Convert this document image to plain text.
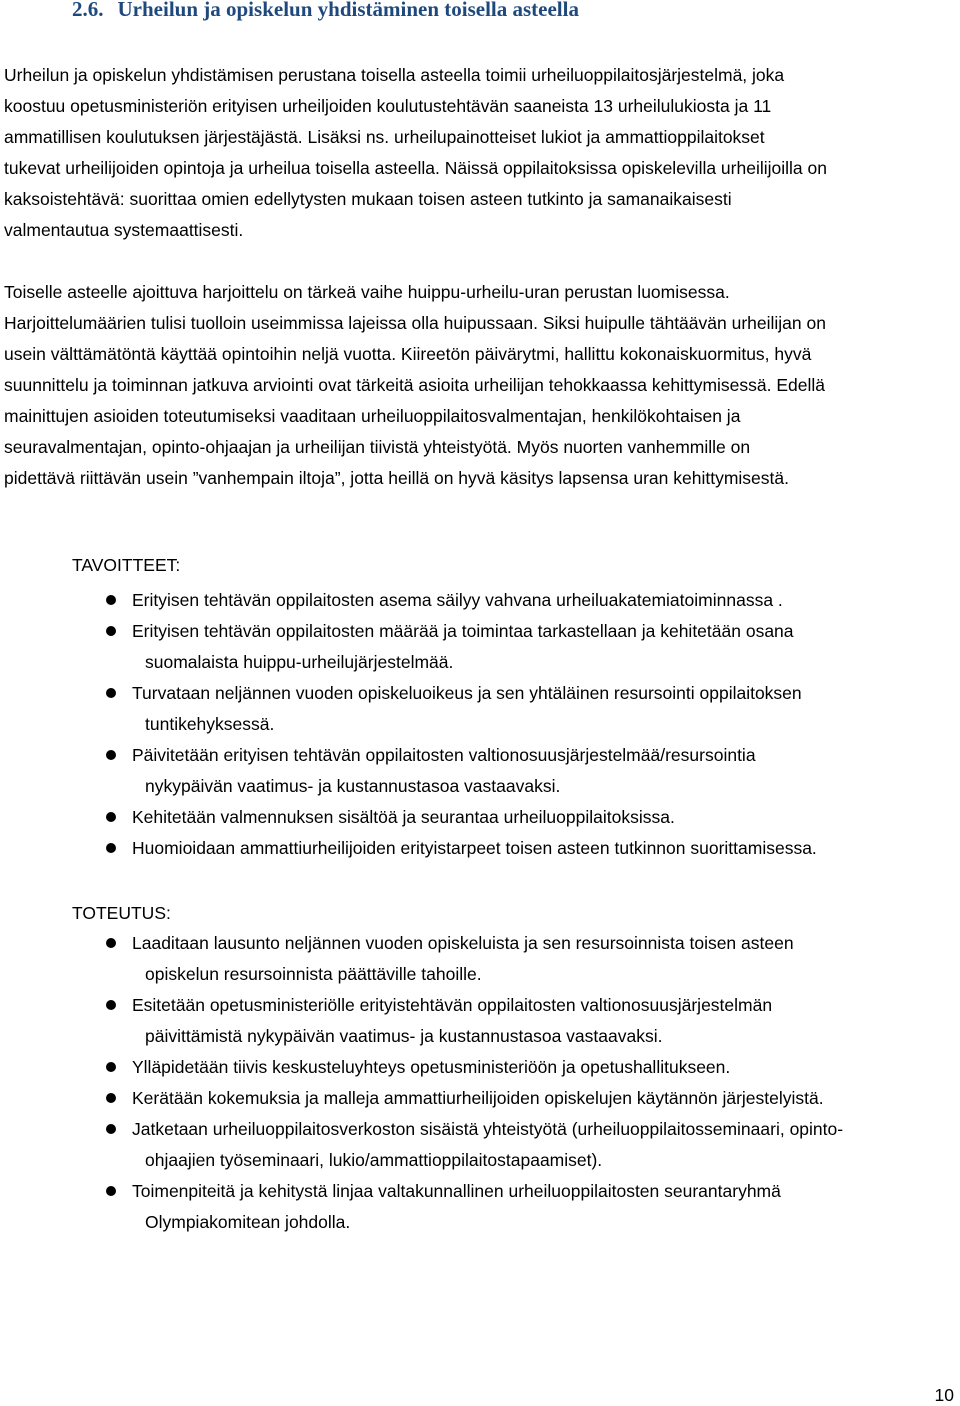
2.6. Urheilun ja opiskelun yhdistäminen toisella asteella

Urheilun ja opiskelun yhdistämisen perustana toisella asteella toimii urheiluoppilaitosjärjestelmä, joka
koostuu opetusministeriön erityisen urheiljoiden koulutustehtävän saaneista 13 urheilulukiosta ja 11
ammatillisen koulutuksen järjestäjästä. Lisäksi ns. urheilupainotteiset lukiot ja ammattioppilaitokset
tukevat urheilijoiden opintoja ja urheilua toisella asteella. Näissä oppilaitoksissa opiskelevilla urheilijoilla on
kaksoistehtävä: suorittaa omien edellytysten mukaan toisen asteen tutkinto ja samanaikaisesti
valmentautua systemaattisesti.

Toiselle asteelle ajoittuva harjoittelu on tärkeä vaihe huippu-urheilu-uran perustan luomisessa.
Harjoittelumäärien tulisi tuolloin useimmissa lajeissa olla huipussaan. Siksi huipulle tähtäävän urheilijan on
usein välttämätöntä käyttää opintoihin neljä vuotta. Kiireetön päivärytmi, hallittu kokonaiskuormitus, hyvä
suunnittelu ja toiminnan jatkuva arviointi ovat tärkeitä asioita urheilijan tehokkaassa kehittymisessä. Edellä
mainittujen asioiden toteutumiseksi vaaditaan urheiluoppilaitosvalmentajan, henkilökohtaisen ja
seuravalmentajan, opinto-ohjaajan ja urheilijan tiivistä yhteistyötä. Myös nuorten vanhemmille on
pidettävä riittävän usein ”vanhempain iltoja”, jotta heillä on hyvä käsitys lapsensa uran kehittymisestä.

TAVOITTEET:

Erityisen tehtävän oppilaitosten asema säilyy vahvana urheiluakatemiatoiminnassa .

Erityisen tehtävän oppilaitosten määrää ja toimintaa tarkastellaan ja kehitetään osana
suomalaista huippu-urheilujärjestelmää.

Turvataan neljännen vuoden opiskeluoikeus ja sen yhtäläinen resursointi oppilaitoksen
tuntikehyksessä.

Päivitetään erityisen tehtävän oppilaitosten valtionosuusjärjestelmää/resursointia
nykypäivän vaatimus- ja kustannustasoa vastaavaksi.

Kehitetään valmennuksen sisältöä ja seurantaa urheiluoppilaitoksissa.

Huomioidaan ammattiurheilijoiden erityistarpeet toisen asteen tutkinnon suorittamisessa.

TOTEUTUS:

Laaditaan lausunto neljännen vuoden opiskeluista ja sen resursoinnista toisen asteen
opiskelun resursoinnista päättäville tahoille.

Esitetään opetusministeriölle erityistehtävän oppilaitosten valtionosuusjärjestelmän
päivittämistä nykypäivän vaatimus- ja kustannustasoa vastaavaksi.

Ylläpidetään tiivis keskusteluyhteys opetusministeriöön ja opetushallitukseen.

Kerätään kokemuksia ja malleja ammattiurheilijoiden opiskelujen käytännön järjestelyistä.

Jatketaan urheiluoppilaitosverkoston sisäistä yhteistyötä (urheiluoppilaitosseminaari, opinto-
ohjaajien työseminaari, lukio/ammattioppilaitostapaamiset).

Toimenpiteitä ja kehitystä linjaa valtakunnallinen urheiluoppilaitosten seurantaryhmä
Olympiakomitean johdolla.

10
